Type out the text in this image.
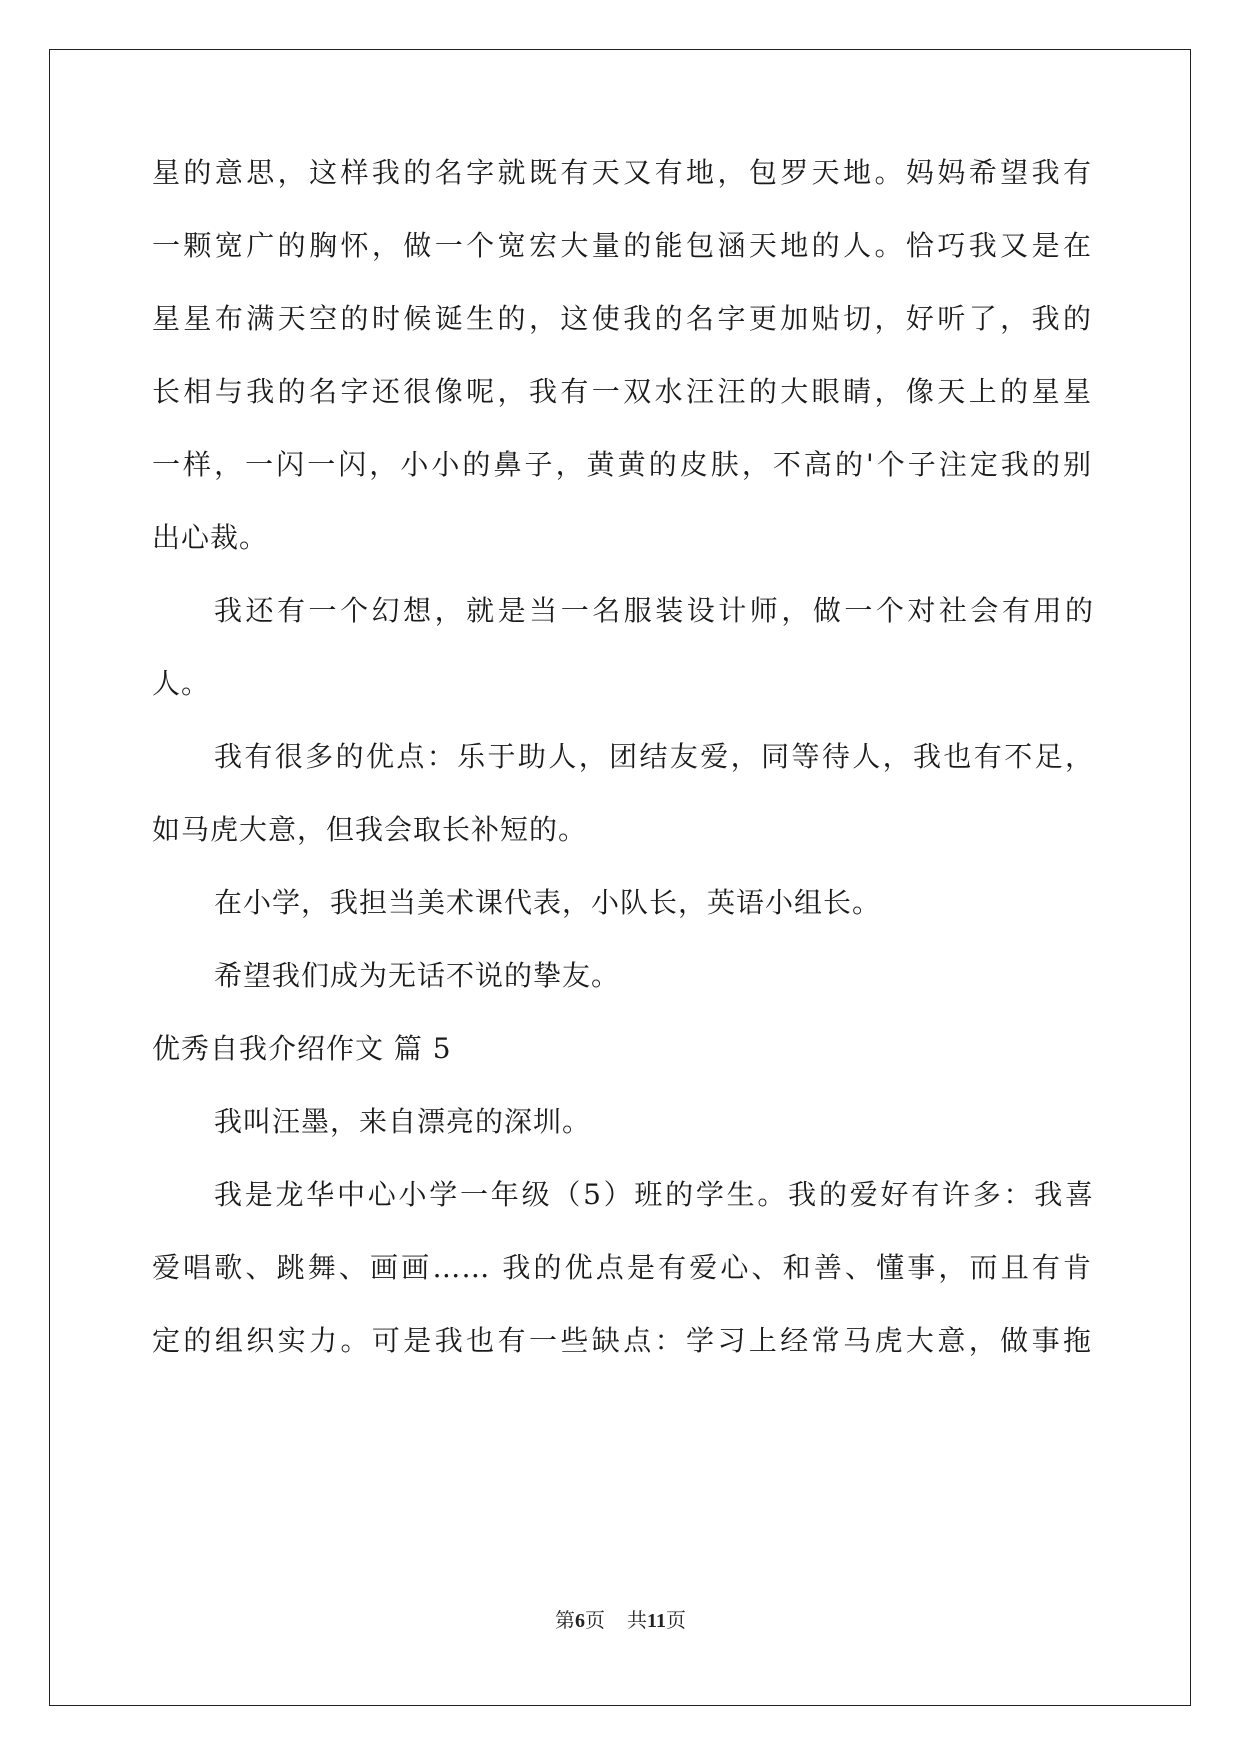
星的意思，这样我的名字就既有天又有地，包罗天地。妈妈希望我有
一颗宽广的胸怀，做一个宽宏大量的能包涵天地的人。恰巧我又是在
星星布满天空的时候诞生的，这使我的名字更加贴切，好听了，我的
长相与我的名字还很像呢，我有一双水汪汪的大眼睛，像天上的星星
一样，一闪一闪，小小的鼻子，黄黄的皮肤，不高的'个子注定我的别
出心裁。
我还有一个幻想，就是当一名服装设计师，做一个对社会有用的
人。
我有很多的优点：乐于助人，团结友爱，同等待人，我也有不足，
如马虎大意，但我会取长补短的。
在小学，我担当美术课代表，小队长，英语小组长。
希望我们成为无话不说的挚友。
优秀自我介绍作文 篇 5
我叫汪墨，来自漂亮的深圳。
我是龙华中心小学一年级（5）班的学生。我的爱好有许多：我喜
爱唱歌、跳舞、画画…… 我的优点是有爱心、和善、懂事，而且有肯
定的组织实力。可是我也有一些缺点：学习上经常马虎大意，做事拖
第6页 共11页
